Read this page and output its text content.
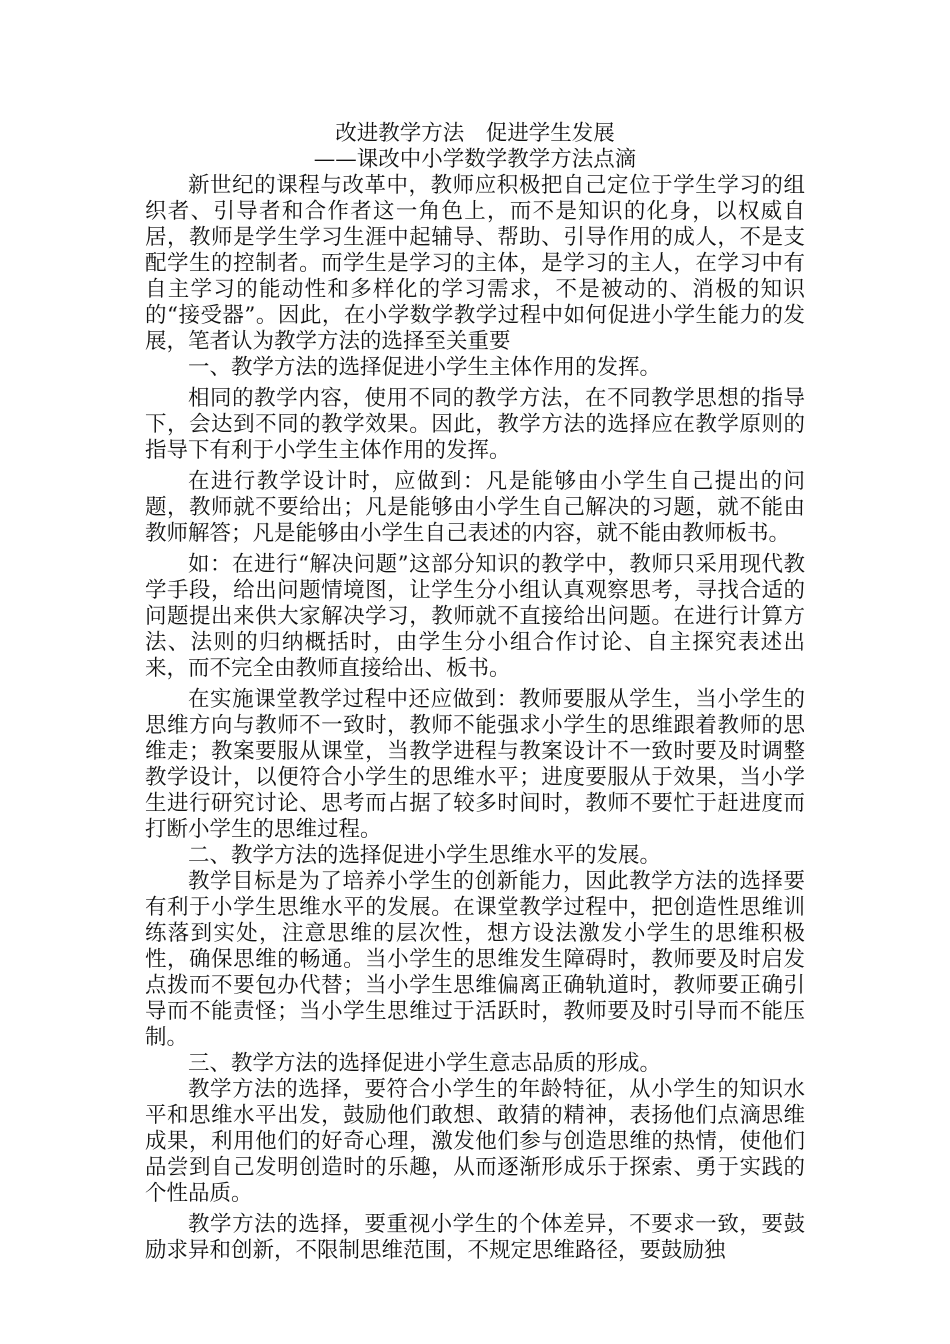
改进教学方法　促进学生发展
——课改中小学数学教学方法点滴

新世纪的课程与改革中，教师应积极把自己定位于学生学习的组织者、引导者和合作者这一角色上，而不是知识的化身，以权威自居，教师是学生学习生涯中起辅导、帮助、引导作用的成人，不是支配学生的控制者。而学生是学习的主体，是学习的主人，在学习中有自主学习的能动性和多样化的学习需求，不是被动的、消极的知识的“接受器”。因此，在小学数学教学过程中如何促进小学生能力的发展，笔者认为教学方法的选择至关重要

一、教学方法的选择促进小学生主体作用的发挥。

相同的教学内容，使用不同的教学方法，在不同教学思想的指导下，会达到不同的教学效果。因此，教学方法的选择应在教学原则的指导下有利于小学生主体作用的发挥。

在进行教学设计时，应做到：凡是能够由小学生自己提出的问题，教师就不要给出；凡是能够由小学生自己解决的习题，就不能由教师解答；凡是能够由小学生自己表述的内容，就不能由教师板书。

如：在进行“解决问题”这部分知识的教学中，教师只采用现代教学手段，给出问题情境图，让学生分小组认真观察思考，寻找合适的问题提出来供大家解决学习，教师就不直接给出问题。在进行计算方法、法则的归纳概括时，由学生分小组合作讨论、自主探究表述出来，而不完全由教师直接给出、板书。

在实施课堂教学过程中还应做到：教师要服从学生，当小学生的思维方向与教师不一致时，教师不能强求小学生的思维跟着教师的思维走；教案要服从课堂，当教学进程与教案设计不一致时要及时调整教学设计，以便符合小学生的思维水平；进度要服从于效果，当小学生进行研究讨论、思考而占据了较多时间时，教师不要忙于赶进度而打断小学生的思维过程。

二、教学方法的选择促进小学生思维水平的发展。

教学目标是为了培养小学生的创新能力，因此教学方法的选择要有利于小学生思维水平的发展。在课堂教学过程中，把创造性思维训练落到实处，注意思维的层次性，想方设法激发小学生的思维积极性，确保思维的畅通。当小学生的思维发生障碍时，教师要及时启发点拨而不要包办代替；当小学生思维偏离正确轨道时，教师要正确引导而不能责怪；当小学生思维过于活跃时，教师要及时引导而不能压制。

三、教学方法的选择促进小学生意志品质的形成。

教学方法的选择，要符合小学生的年龄特征，从小学生的知识水平和思维水平出发，鼓励他们敢想、敢猜的精神，表扬他们点滴思维成果，利用他们的好奇心理，激发他们参与创造思维的热情，使他们品尝到自己发明创造时的乐趣，从而逐渐形成乐于探索、勇于实践的个性品质。

教学方法的选择，要重视小学生的个体差异，不要求一致，要鼓励求异和创新，不限制思维范围，不规定思维路径，要鼓励独
